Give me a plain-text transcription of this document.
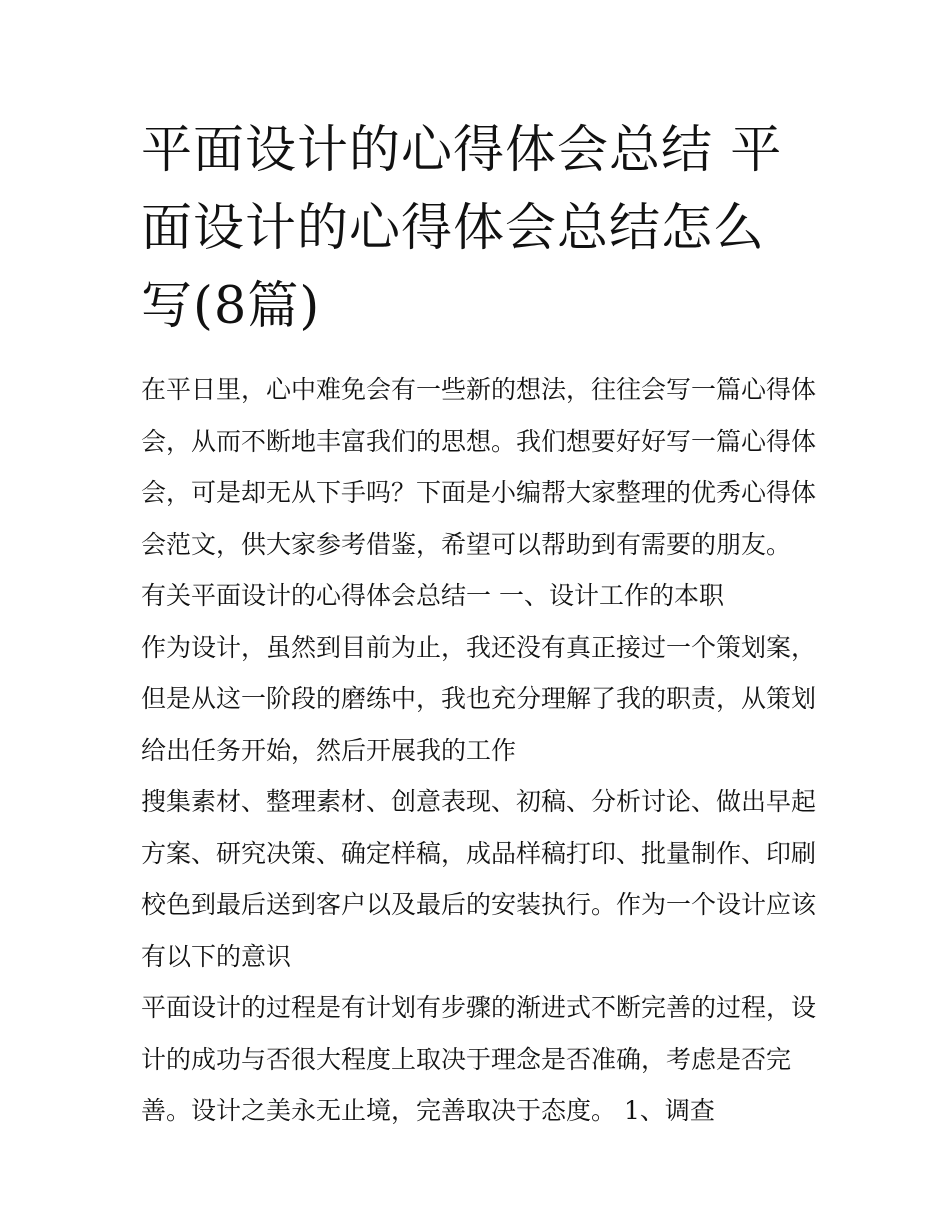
平面设计的心得体会总结 平面设计的心得体会总结怎么写(8篇)

在平日里，心中难免会有一些新的想法，往往会写一篇心得体会，从而不断地丰富我们的思想。我们想要好好写一篇心得体会，可是却无从下手吗？下面是小编帮大家整理的优秀心得体会范文，供大家参考借鉴，希望可以帮助到有需要的朋友。

有关平面设计的心得体会总结一 一、设计工作的本职

作为设计，虽然到目前为止，我还没有真正接过一个策划案，但是从这一阶段的磨练中，我也充分理解了我的职责，从策划给出任务开始，然后开展我的工作

搜集素材、整理素材、创意表现、初稿、分析讨论、做出早起方案、研究决策、确定样稿，成品样稿打印、批量制作、印刷校色到最后送到客户以及最后的安装执行。作为一个设计应该有以下的意识

平面设计的过程是有计划有步骤的渐进式不断完善的过程，设计的成功与否很大程度上取决于理念是否准确，考虑是否完善。设计之美永无止境，完善取决于态度。 1、调查
